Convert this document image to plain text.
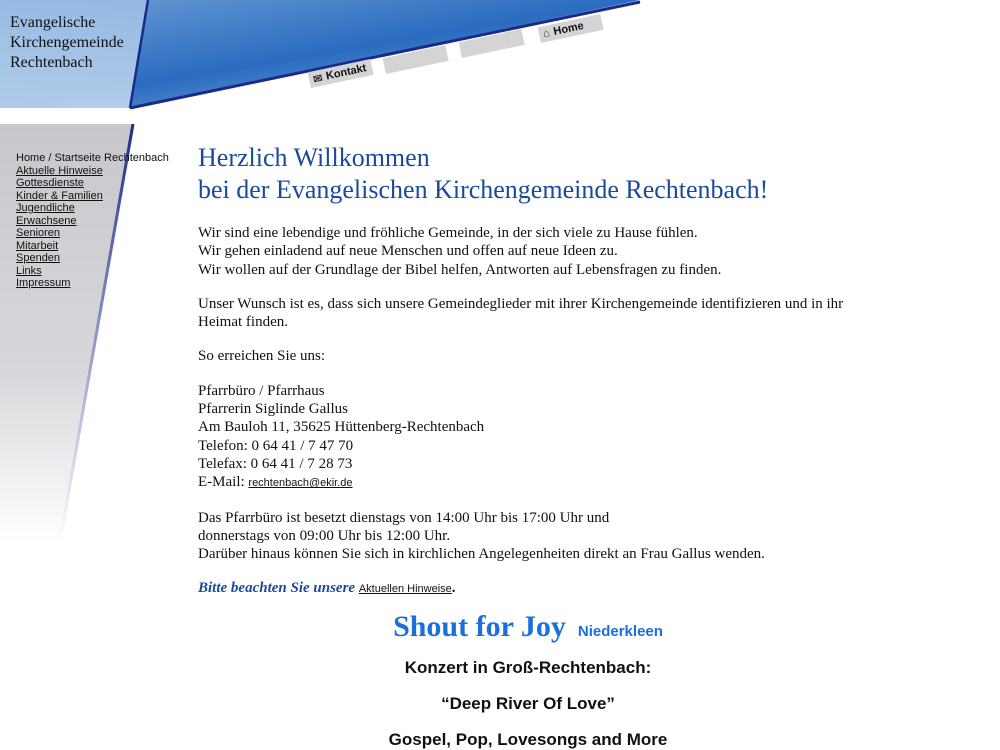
Evangelische
Kirchengemeinde
Rechtenbach
✉ Kontakt
⌂ Home
Home / Startseite Rechtenbach
Aktuelle Hinweise
Gottesdienste
Kinder & Familien
Jugendliche
Erwachsene
Senioren
Mitarbeit
Spenden
Links
Impressum
Herzlich Willkommen
bei der Evangelischen Kirchengemeinde Rechtenbach!

Wir sind eine lebendige und fröhliche Gemeinde, in der sich viele zu Hause fühlen.
Wir gehen einladend auf neue Menschen und offen auf neue Ideen zu.
Wir wollen auf der Grundlage der Bibel helfen, Antworten auf Lebensfragen zu finden.

Unser Wunsch ist es, dass sich unsere Gemeindeglieder mit ihrer Kirchengemeinde identifizieren und in ihr Heimat finden.

So erreichen Sie uns:

Pfarrbüro / Pfarrhaus
Pfarrerin Siglinde Gallus
Am Bauloh 11, 35625 Hüttenberg-Rechtenbach
Telefon: 0 64 41 / 7 47 70
Telefax: 0 64 41 / 7 28 73
E-Mail: rechtenbach@ekir.de

Das Pfarrbüro ist besetzt dienstags von 14:00 Uhr bis 17:00 Uhr und
donnerstags von 09:00 Uhr bis 12:00 Uhr.
Darüber hinaus können Sie sich in kirchlichen Angelegenheiten direkt an Frau Gallus wenden.

Bitte beachten Sie unsere Aktuellen Hinweise.

Shout for Joy Niederkleen
Konzert in Groß-Rechtenbach:
“Deep River Of Love”
Gospel, Pop, Lovesongs and More
